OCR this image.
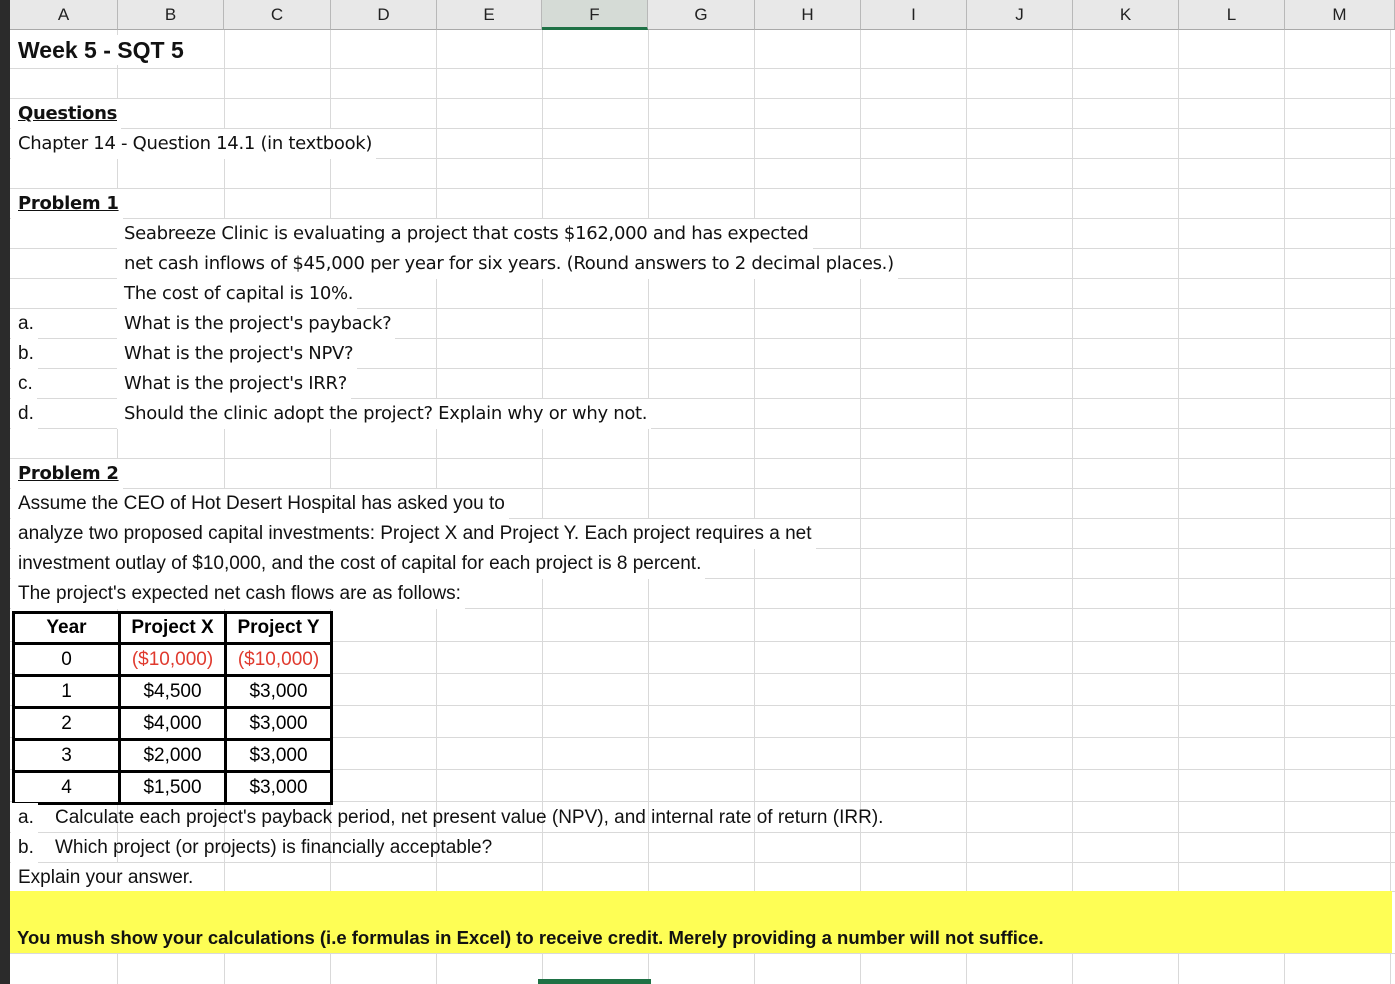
A	B	C	D	E	F	G	H	I	J	K	L	M
Week 5 - SQT 5
Questions
Chapter 14 - Question 14.1 (in textbook)
Problem 1
Seabreeze Clinic is evaluating a project that costs $162,000 and has expected
net cash inflows of $45,000 per year for six years. (Round answers to 2 decimal places.)
The cost of capital is 10%.
a.	What is the project's payback?
b.	What is the project's NPV?
c.	What is the project's IRR?
d.	Should the clinic adopt the project? Explain why or why not.
Problem 2
Assume the CEO of Hot Desert Hospital has asked you to
analyze two proposed capital investments: Project X and Project Y. Each project requires a net
investment outlay of $10,000, and the cost of capital for each project is 8 percent.
The project's expected net cash flows are as follows:
Year	Project X	Project Y
0	($10,000)	($10,000)
1	$4,500	$3,000
2	$4,000	$3,000
3	$2,000	$3,000
4	$1,500	$3,000
a.	Calculate each project's payback period, net present value (NPV), and internal rate of return (IRR).
b.	Which project (or projects) is financially acceptable?
Explain your answer.
You mush show your calculations (i.e formulas in Excel) to receive credit. Merely providing a number will not suffice.
